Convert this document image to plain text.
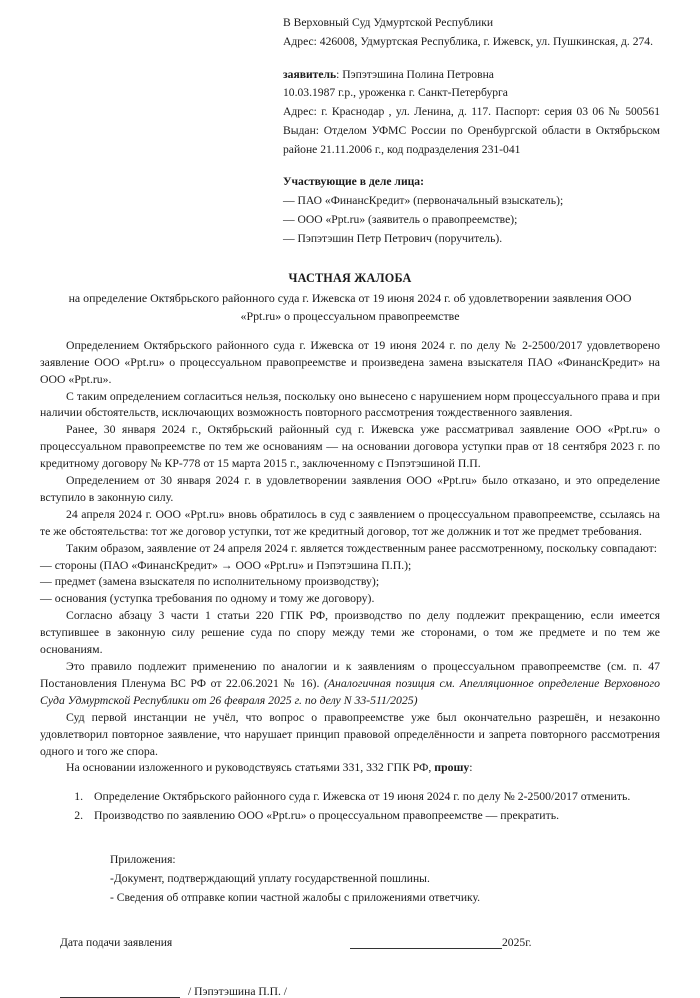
В Верховный Суд Удмуртской Республики

Адрес: 426008, Удмуртская Республика, г. Ижевск, ул. Пушкинская, д. 274.

заявитель: Пэпэтэшина Полина Петровна

10.03.1987 г.р., уроженка г. Санкт-Петербурга

Адрес: г. Краснодар , ул. Ленина, д. 117. Паспорт: серия 03 06 № 500561 Выдан: Отделом УФМС России по Оренбургской области в Октябрьском районе 21.11.2006 г., код подразделения 231-041

Участвующие в деле лица:

— ПАО «ФинансКредит» (первоначальный взыскатель);

— ООО «Ppt.ru» (заявитель о правопреемстве);

— Пэпэтэшин Петр Петрович (поручитель).

ЧАСТНАЯ ЖАЛОБА
на определение Октябрьского районного суда г. Ижевска от 19 июня 2024 г. об удовлетворении заявления ООО «Ppt.ru» о процессуальном правопреемстве

Определением Октябрьского районного суда г. Ижевска от 19 июня 2024 г. по делу № 2-2500/2017 удовлетворено заявление ООО «Ppt.ru» о процессуальном правопреемстве и произведена замена взыскателя ПАО «ФинансКредит» на ООО «Ppt.ru».

С таким определением согласиться нельзя, поскольку оно вынесено с нарушением норм процессуального права и при наличии обстоятельств, исключающих возможность повторного рассмотрения тождественного заявления.

Ранее, 30 января 2024 г., Октябрьский районный суд г. Ижевска уже рассматривал заявление ООО «Ppt.ru» о процессуальном правопреемстве по тем же основаниям — на основании договора уступки прав от 18 сентября 2023 г. по кредитному договору № КР-778 от 15 марта 2015 г., заключенному с Пэпэтэшиной П.П.

Определением от 30 января 2024 г. в удовлетворении заявления ООО «Ppt.ru» было отказано, и это определение вступило в законную силу.

24 апреля 2024 г. ООО «Ppt.ru» вновь обратилось в суд с заявлением о процессуальном правопреемстве, ссылаясь на те же обстоятельства: тот же договор уступки, тот же кредитный договор, тот же должник и тот же предмет требования.

Таким образом, заявление от 24 апреля 2024 г. является тождественным ранее рассмотренному, поскольку совпадают:

— стороны (ПАО «ФинансКредит» → ООО «Ppt.ru» и Пэпэтэшина П.П.);

— предмет (замена взыскателя по исполнительному производству);

— основания (уступка требования по одному и тому же договору).

Согласно абзацу 3 части 1 статьи 220 ГПК РФ, производство по делу подлежит прекращению, если имеется вступившее в законную силу решение суда по спору между теми же сторонами, о том же предмете и по тем же основаниям.

Это правило подлежит применению по аналогии и к заявлениям о процессуальном правопреемстве (см. п. 47 Постановления Пленума ВС РФ от 22.06.2021 № 16). (Аналогичная позиция см. Апелляционное определение Верховного Суда Удмуртской Республики от 26 февраля 2025 г. по делу N 33-511/2025)

Суд первой инстанции не учёл, что вопрос о правопреемстве уже был окончательно разрешён, и незаконно удовлетворил повторное заявление, что нарушает принцип правовой определённости и запрета повторного рассмотрения одного и того же спора.

На основании изложенного и руководствуясь статьями 331, 332 ГПК РФ, прошу:

1. Определение Октябрьского районного суда г. Ижевска от 19 июня 2024 г. по делу № 2-2500/2017 отменить.
2. Производство по заявлению ООО «Ppt.ru» о процессуальном правопреемстве — прекратить.

Приложения:

-Документ, подтверждающий уплату государственной пошлины.

- Сведения об отправке копии частной жалобы с приложениями ответчику.

Дата подачи заявления	2025г.
/ Пэпэтэшина П.П. /
